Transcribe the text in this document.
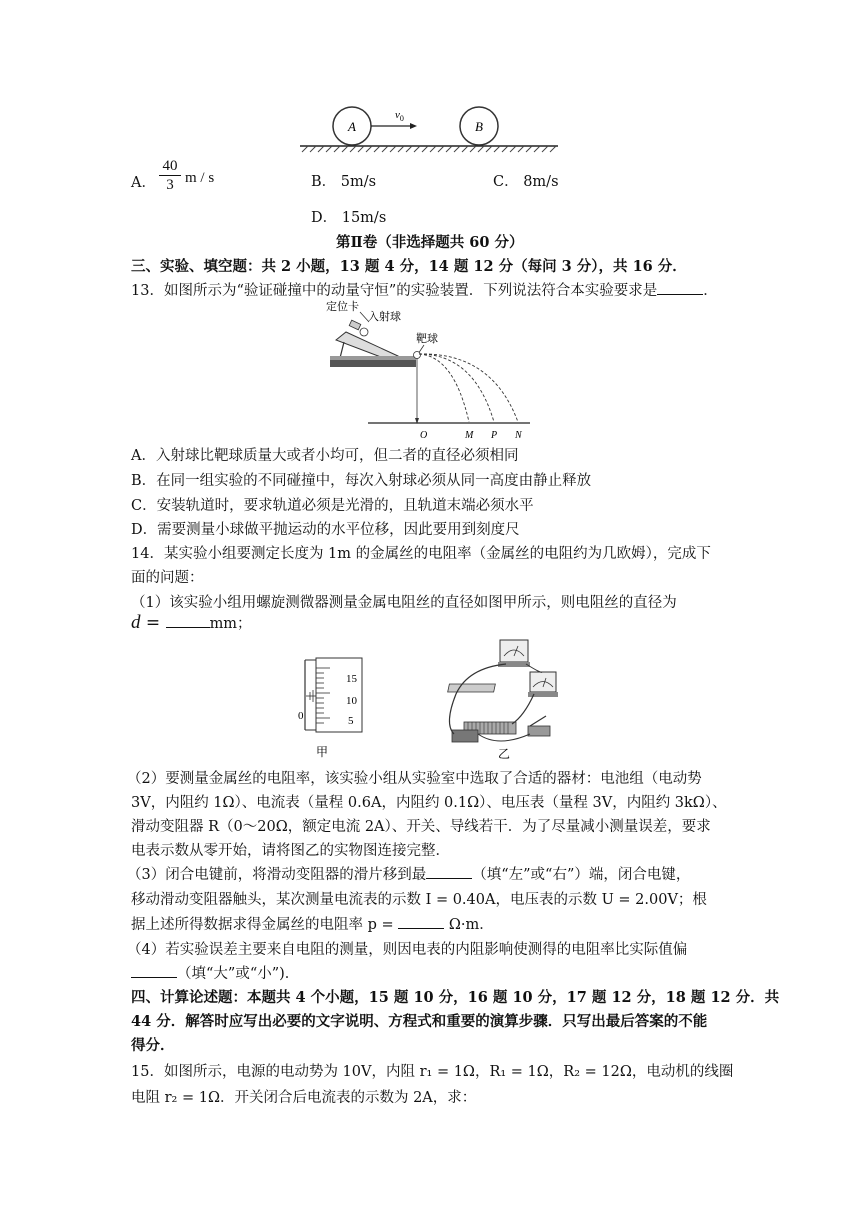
A	B
$v_0$
A． $\frac{40}{3}$ m / s	B． 5m/s	C． 8m/s
D． 15m/s
第Ⅱ卷（非选择题共 60 分）
三、实验、填空题：共 2 小题，13 题 4 分，14 题 12 分（每问 3 分），共 16 分．
13．如图所示为“验证碰撞中的动量守恒”的实验装置．下列说法符合本实验要求是	．
定位卡
入射球
靶球
O	M P N
A．入射球比靶球质量大或者小均可，但二者的直径必须相同
B．在同一组实验的不同碰撞中，每次入射球必须从同一高度由静止释放
C．安装轨道时，要求轨道必须是光滑的，且轨道末端必须水平
D．需要测量小球做平抛运动的水平位移，因此要用到刻度尺
14．某实验小组要测定长度为 1m 的金属丝的电阻率（金属丝的电阻约为几欧姆），完成下
面的问题：
（1）该实验小组用螺旋测微器测量金属电阻丝的直径如图甲所示，则电阻丝的直径为
d =	mm；
15
10
5
0
甲	乙
（2）要测量金属丝的电阻率，该实验小组从实验室中选取了合适的器材：电池组（电动势
3V，内阻约 1Ω）、电流表（量程 0.6A，内阻约 0.1Ω）、电压表（量程 3V，内阻约 3kΩ）、
滑动变阻器 R（0～20Ω，额定电流 2A）、开关、导线若干．为了尽量减小测量误差，要求
电表示数从零开始，请将图乙的实物图连接完整．
（3）闭合电键前，将滑动变阻器的滑片移到最	（填“左”或“右”）端，闭合电键，
移动滑动变阻器触头，某次测量电流表的示数 I = 0.40A，电压表的示数 U = 2.00V；根
据上述所得数据求得金属丝的电阻率 p =	Ω·m．
（4）若实验误差主要来自电阻的测量，则因电表的内阻影响使测得的电阻率比实际值偏
（填“大”或“小”)．
四、计算论述题：本题共 4 个小题，15 题 10 分，16 题 10 分，17 题 12 分，18 题 12 分．共
44 分．解答时应写出必要的文字说明、方程式和重要的演算步骤．只写出最后答案的不能
得分．
15．如图所示，电源的电动势为 10V，内阻 r₁ = 1Ω，R₁ = 1Ω，R₂ = 12Ω，电动机的线圈
电阻 r₂ = 1Ω．开关闭合后电流表的示数为 2A，求：
